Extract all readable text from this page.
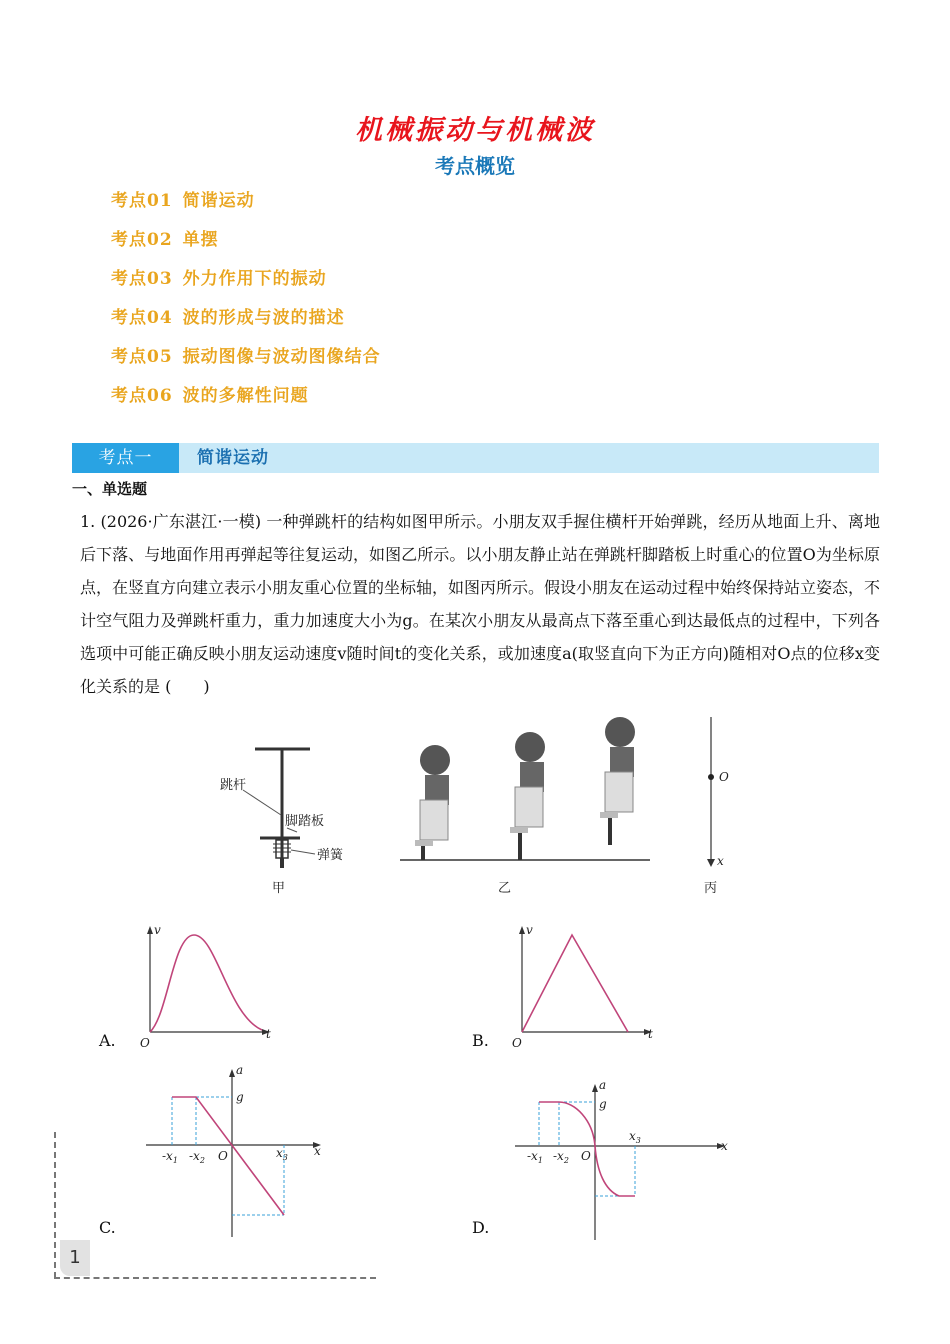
机械振动与机械波
考点概览
考点01 简谐运动
考点02 单摆
考点03 外力作用下的振动
考点04 波的形成与波的描述
考点05 振动图像与波动图像结合
考点06 波的多解性问题
考点一	简谐运动
一、单选题
1. (2026·广东湛江·一模) 一种弹跳杆的结构如图甲所示。小朋友双手握住横杆开始弹跳，经历从地面上升、离地后下落、与地面作用再弹起等往复运动，如图乙所示。以小朋友静止站在弹跳杆脚踏板上时重心的位置O为坐标原点，在竖直方向建立表示小朋友重心位置的坐标轴，如图丙所示。假设小朋友在运动过程中始终保持站立姿态，不计空气阻力及弹跳杆重力，重力加速度大小为g。在某次小朋友从最高点下落至重心到达最低点的过程中，下列各选项中可能正确反映小朋友运动速度v随时间t的变化关系，或加速度a(取竖直向下为正方向)随相对O点的位移x变化关系的是 (　　)
跳杆
脚踏板
弹簧
甲	乙
O
x
丙
A.
v
t
O	B.
v
t
O
C.
a
g
x
O
$-x_1$ $-x_2$
$x_3$
D.
a
g
x
O
$-x_1$ $-x_2$
$x_3$
1
